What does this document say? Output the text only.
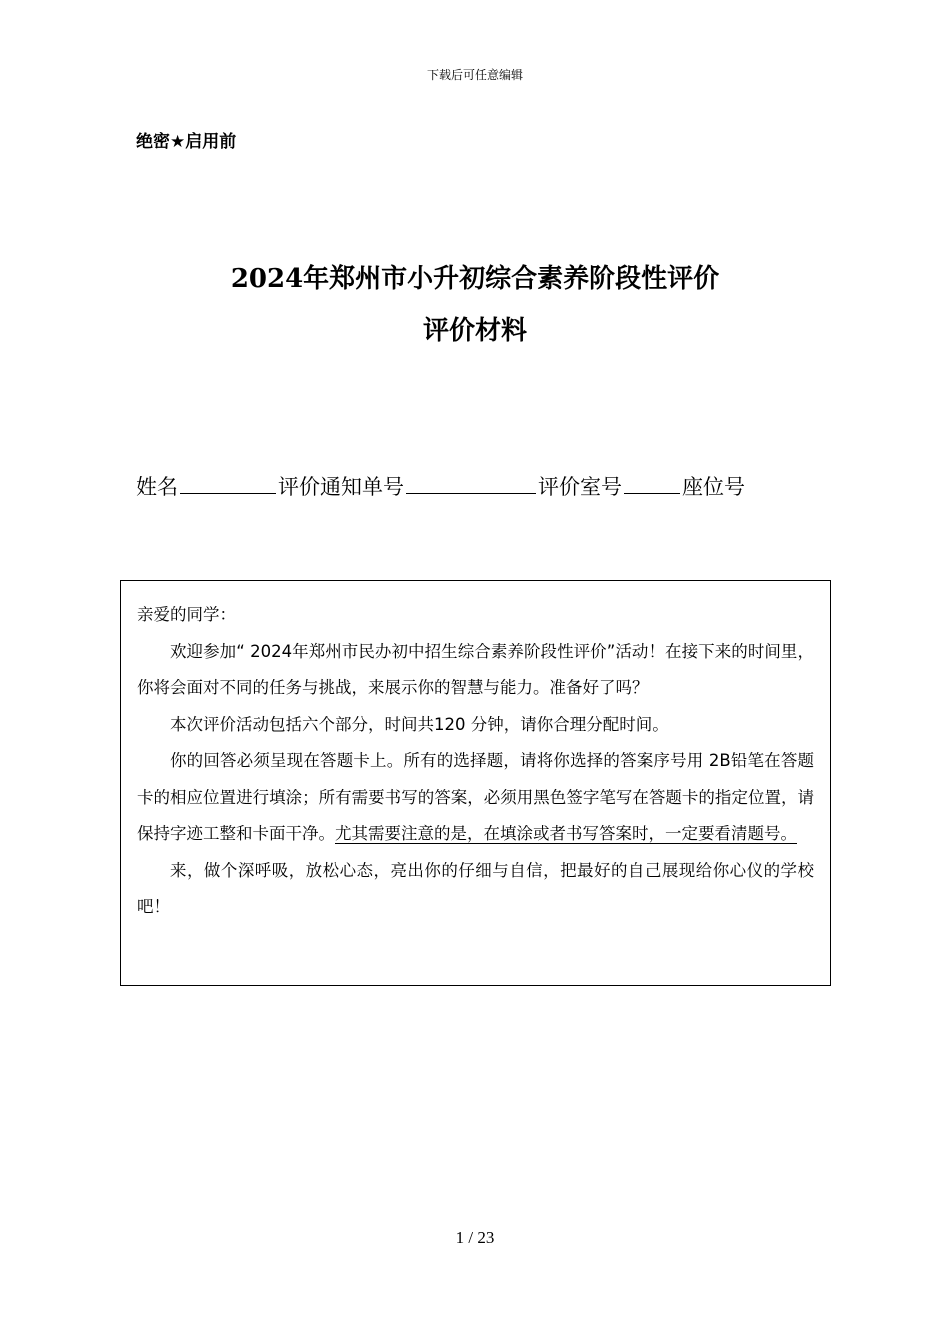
下载后可任意编辑
绝密★启用前
2024年郑州市小升初综合素养阶段性评价
评价材料
姓名	评价通知单号	评价室号	座位号

亲爱的同学：

欢迎参加“ 2024年郑州市民办初中招生综合素养阶段性评价”活动！在接下来的时间里，你将会面对不同的任务与挑战，来展示你的智慧与能力。准备好了吗？

本次评价活动包括六个部分，时间共120 分钟，请你合理分配时间。

你的回答必须呈现在答题卡上。所有的选择题，请将你选择的答案序号用 2B铅笔在答题卡的相应位置进行填涂；所有需要书写的答案，必须用黑色签字笔写在答题卡的指定位置，请保持字迹工整和卡面干净。尤其需要注意的是，在填涂或者书写答案时，一定要看清题号。

来，做个深呼吸，放松心态，亮出你的仔细与自信，把最好的自己展现给你心仪的学校吧！

1 / 23
